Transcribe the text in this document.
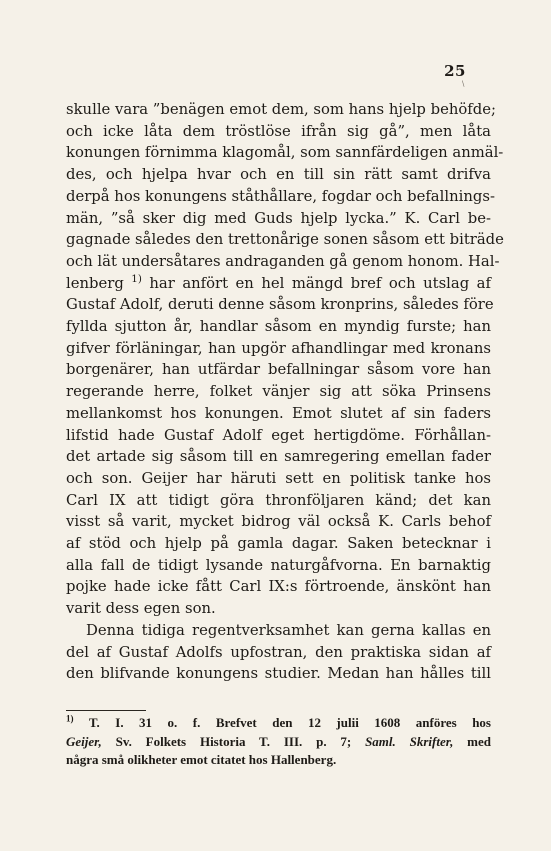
25
\
skulle vara ”benägen emot dem, som hans hjelp behöfde;
och icke låta dem tröstlöse ifrån sig gå”, men låta
konungen förnimma klagomål, som sannfärdeligen anmäl-
des, och hjelpa hvar och en till sin rätt samt drifva
derpå hos konungens ståthållare, fogdar och befallnings-
män, ”så sker dig med Guds hjelp lycka.” K. Carl be-
gagnade således den trettonårige sonen såsom ett biträde
och lät undersåtares andraganden gå genom honom. Hal-
lenberg $^{1)}$ har anfört en hel mängd bref och utslag af
Gustaf Adolf, deruti denne såsom kronprins, således före
fyllda sjutton år, handlar såsom en myndig furste; han
gifver förläningar, han upgör afhandlingar med kronans
borgenärer, han utfärdar befallningar såsom vore han
regerande herre, folket vänjer sig att söka Prinsens
mellankomst hos konungen. Emot slutet af sin faders
lifstid hade Gustaf Adolf eget hertigdöme. Förhållan-
det artade sig såsom till en samregering emellan fader
och son. Geijer har häruti sett en politisk tanke hos
Carl IX att tidigt göra thronföljaren känd; det kan
visst så varit, mycket bidrog väl också K. Carls behof
af stöd och hjelp på gamla dagar. Saken betecknar i
alla fall de tidigt lysande naturgåfvorna. En barnaktig
pojke hade icke fått Carl IX:s förtroende, änskönt han
varit dess egen son.
Denna tidiga regentverksamhet kan gerna kallas en
del af Gustaf Adolfs upfostran, den praktiska sidan af
den blifvande konungens studier. Medan han hålles till
$^{1)}$ T. I. 31 o. f. Brefvet den 12 julii 1608 anföres hos
Geijer, Sv. Folkets Historia T. III. p. 7; Saml. Skrifter, med
några små olikheter emot citatet hos Hallenberg.
